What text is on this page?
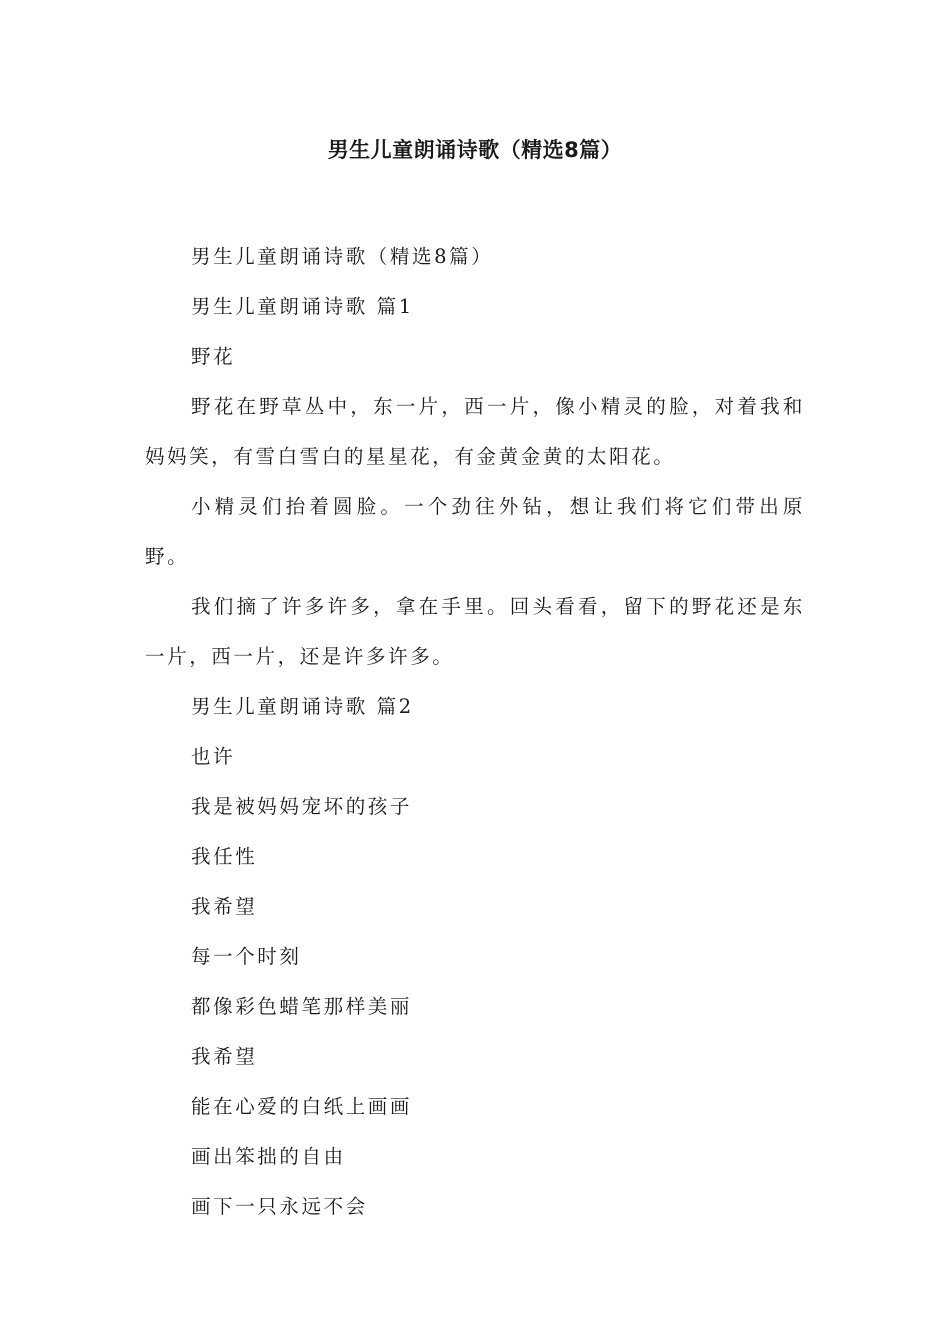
男生儿童朗诵诗歌（精选8篇）

男生儿童朗诵诗歌（精选8篇）

男生儿童朗诵诗歌 篇1

野花

野花在野草丛中，东一片，西一片，像小精灵的脸，对着我和妈妈笑，有雪白雪白的星星花，有金黄金黄的太阳花。

小精灵们抬着圆脸。一个劲往外钻，想让我们将它们带出原野。

我们摘了许多许多，拿在手里。回头看看，留下的野花还是东一片，西一片，还是许多许多。

男生儿童朗诵诗歌 篇2

也许

我是被妈妈宠坏的孩子

我任性

我希望

每一个时刻

都像彩色蜡笔那样美丽

我希望

能在心爱的白纸上画画

画出笨拙的自由

画下一只永远不会
